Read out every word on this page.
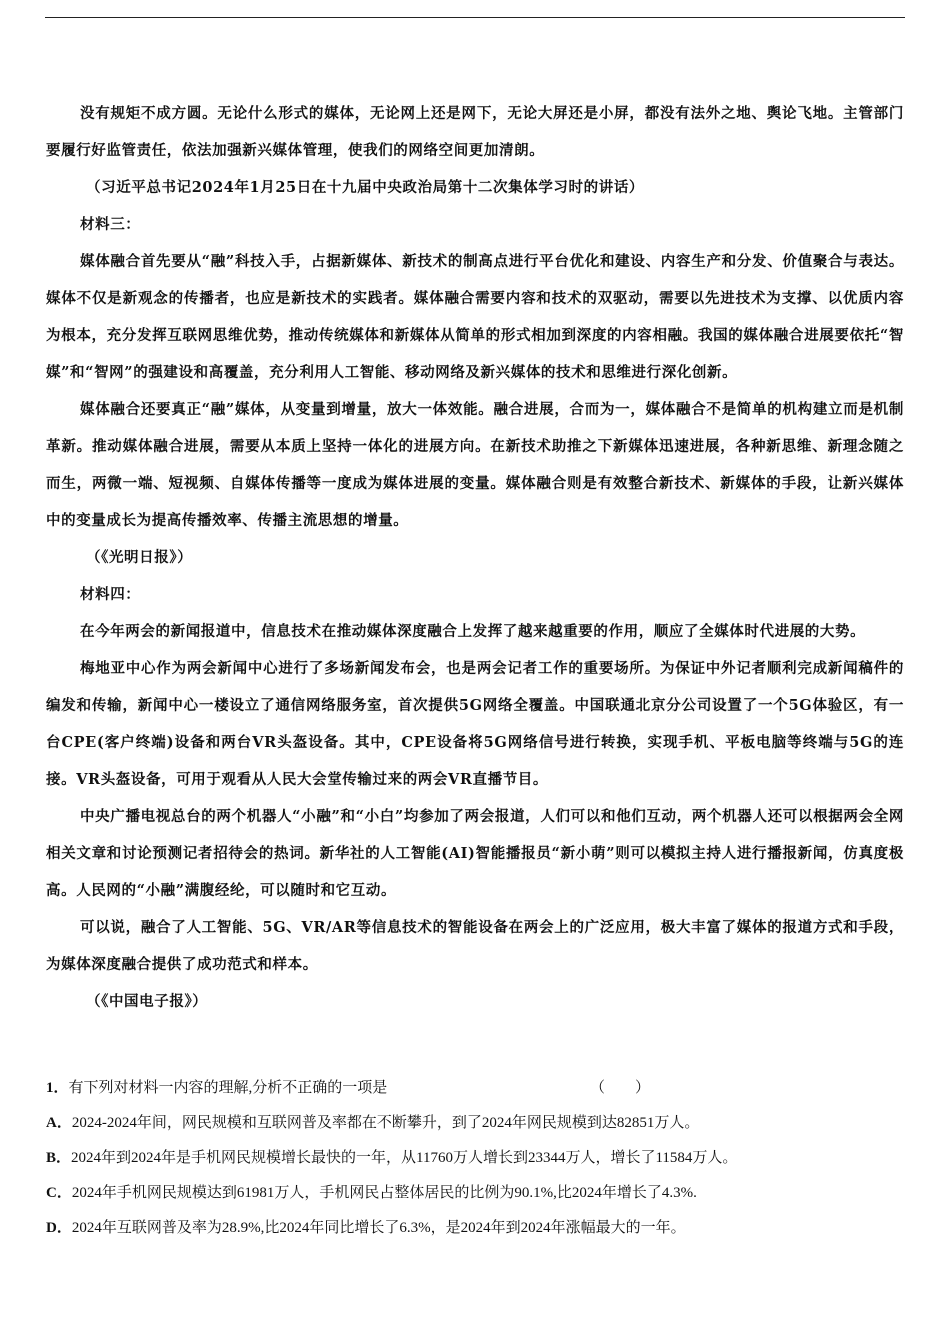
没有规矩不成方圆。无论什么形式的媒体，无论网上还是网下，无论大屏还是小屏，都没有法外之地、舆论飞地。主管部门要履行好监管责任，依法加强新兴媒体管理，使我们的网络空间更加清朗。

（习近平总书记2024年1月25日在十九届中央政治局第十二次集体学习时的讲话）

材料三：

媒体融合首先要从“融”科技入手，占据新媒体、新技术的制高点进行平台优化和建设、内容生产和分发、价值聚合与表达。媒体不仅是新观念的传播者，也应是新技术的实践者。媒体融合需要内容和技术的双驱动，需要以先进技术为支撑、以优质内容为根本，充分发挥互联网思维优势，推动传统媒体和新媒体从简单的形式相加到深度的内容相融。我国的媒体融合进展要依托“智媒”和“智网”的强建设和高覆盖，充分利用人工智能、移动网络及新兴媒体的技术和思维进行深化创新。

媒体融合还要真正“融”媒体，从变量到增量，放大一体效能。融合进展，合而为一，媒体融合不是简单的机构建立而是机制革新。推动媒体融合进展，需要从本质上坚持一体化的进展方向。在新技术助推之下新媒体迅速进展，各种新思维、新理念随之而生，两微一端、短视频、自媒体传播等一度成为媒体进展的变量。媒体融合则是有效整合新技术、新媒体的手段，让新兴媒体中的变量成长为提高传播效率、传播主流思想的增量。

（《光明日报》）

材料四：

在今年两会的新闻报道中，信息技术在推动媒体深度融合上发挥了越来越重要的作用，顺应了全媒体时代进展的大势。

梅地亚中心作为两会新闻中心进行了多场新闻发布会，也是两会记者工作的重要场所。为保证中外记者顺利完成新闻稿件的编发和传输，新闻中心一楼设立了通信网络服务室，首次提供5G网络全覆盖。中国联通北京分公司设置了一个5G体验区，有一台CPE(客户终端)设备和两台VR头盔设备。其中，CPE设备将5G网络信号进行转换，实现手机、平板电脑等终端与5G的连接。VR头盔设备，可用于观看从人民大会堂传输过来的两会VR直播节目。

中央广播电视总台的两个机器人“小融”和“小白”均参加了两会报道，人们可以和他们互动，两个机器人还可以根据两会全网相关文章和讨论预测记者招待会的热词。新华社的人工智能(AI)智能播报员“新小萌”则可以模拟主持人进行播报新闻，仿真度极高。人民网的“小融”满腹经纶，可以随时和它互动。

可以说，融合了人工智能、5G、VR/AR等信息技术的智能设备在两会上的广泛应用，极大丰富了媒体的报道方式和手段，为媒体深度融合提供了成功范式和样本。

（《中国电子报》）

1．有下列对材料一内容的理解,分析不正确的一项是	（　　）

A．2024-2024年间，网民规模和互联网普及率都在不断攀升，到了2024年网民规模到达82851万人。

B．2024年到2024年是手机网民规模增长最快的一年，从11760万人增长到23344万人，增长了11584万人。

C．2024年手机网民规模达到61981万人，手机网民占整体居民的比例为90.1%,比2024年增长了4.3%.

D．2024年互联网普及率为28.9%,比2024年同比增长了6.3%，是2024年到2024年涨幅最大的一年。
